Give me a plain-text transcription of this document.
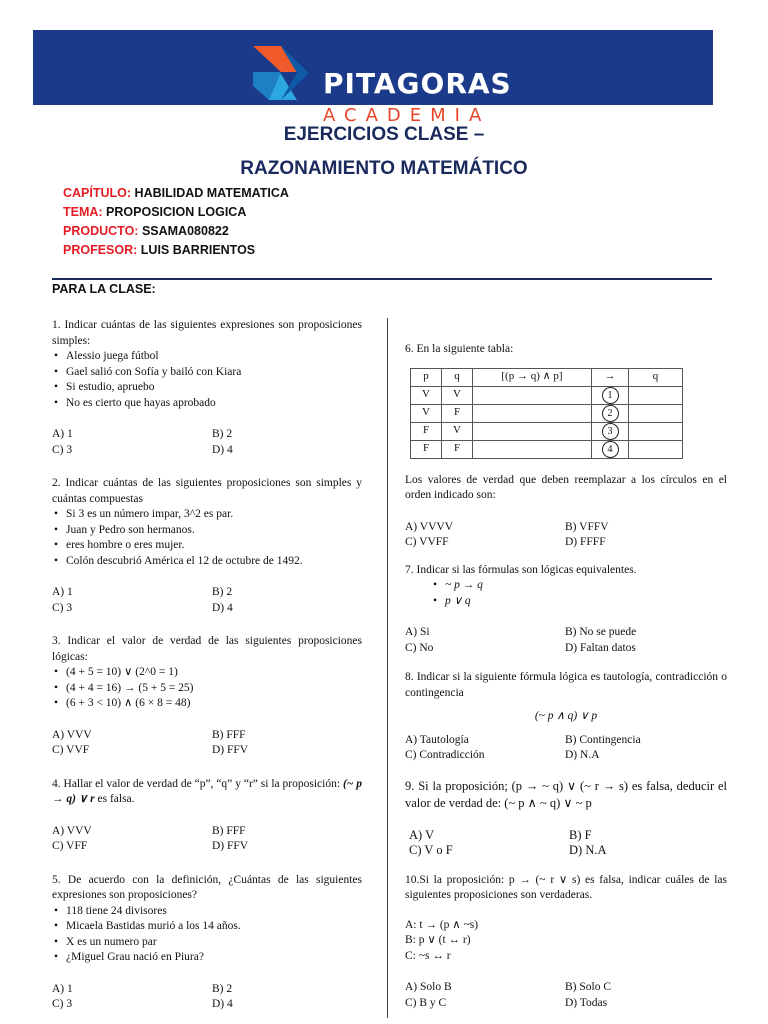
PITAGORAS
ACADEMIA
EJERCICIOS CLASE –
RAZONAMIENTO MATEMÁTICO
CAPÍTULO: HABILIDAD MATEMATICA
TEMA: PROPOSICION LOGICA
PRODUCTO: SSAMA080822
PROFESOR: LUIS BARRIENTOS
PARA LA CLASE:

1. Indicar cuántas de las siguientes expresiones son proposiciones simples:

• Alessio juega fútbol
• Gael salió con Sofía y bailó con Kiara
• Si estudio, apruebo
• No es cierto que hayas aprobado
A) 1	B) 2
C) 3	D) 4

2. Indicar cuántas de las siguientes proposiciones son simples y cuántas compuestas

• Si 3 es un número impar, 3^2 es par.
• Juan y Pedro son hermanos.
• eres hombre o eres mujer.
• Colón descubrió América el 12 de octubre de 1492.
A) 1	B) 2
C) 3	D) 4

3. Indicar el valor de verdad de las siguientes proposiciones lógicas:

• (4 + 5 = 10) ∨ (2^0 = 1)
• (4 + 4 = 16) → (5 + 5 = 25)
• (6 + 3 < 10) ∧ (6 × 8 = 48)
A) VVV	B) FFF
C) VVF	D) FFV

4. Hallar el valor de verdad de “p”, “q” y “r” si la proposición: (~ p → q) ∨ r es falsa.

A) VVV	B) FFF
C) VFF	D) FFV

5. De acuerdo con la definición, ¿Cuántas de las siguientes expresiones son proposiciones?

• 118 tiene 24 divisores
• Micaela Bastidas murió a los 14 años.
• X es un numero par
• ¿Miguel Grau nació en Piura?
A) 1	B) 2
C) 3	D) 4

6. En la siguiente tabla:

p	q	[(p → q) ∧ p]	→	q
V	V		1	
V	F		2	
F	V		3	
F	F		4	

Los valores de verdad que deben reemplazar a los círculos en el orden indicado son:

A) VVVV	B) VFFV
C) VVFF	D) FFFF

7. Indicar si las fórmulas son lógicas equivalentes.

• ~ p → q
• p ∨ q
A) Si	B) No se puede
C) No	D) Faltan datos

8. Indicar si la siguiente fórmula lógica es tautología, contradicción o contingencia

(~ p ∧ q) ∨ p

A) Tautología	B) Contingencia
C) Contradicción	D) N.A

9. Si la proposición; (p → ~ q) ∨ (~ r → s) es falsa, deducir el valor de verdad de: (~ p ∧ ~ q) ∨ ~ p

A) V	B) F
C) V o F	D) N.A

10.Si la proposición: p → (~ r ∨ s) es falsa, indicar cuáles de las siguientes proposiciones son verdaderas.

A: t → (p ∧ ~s)
B: p ∨ (t ↔ r)
C: ~s ↔ r
A) Solo B	B) Solo C
C) B y C	D) Todas
